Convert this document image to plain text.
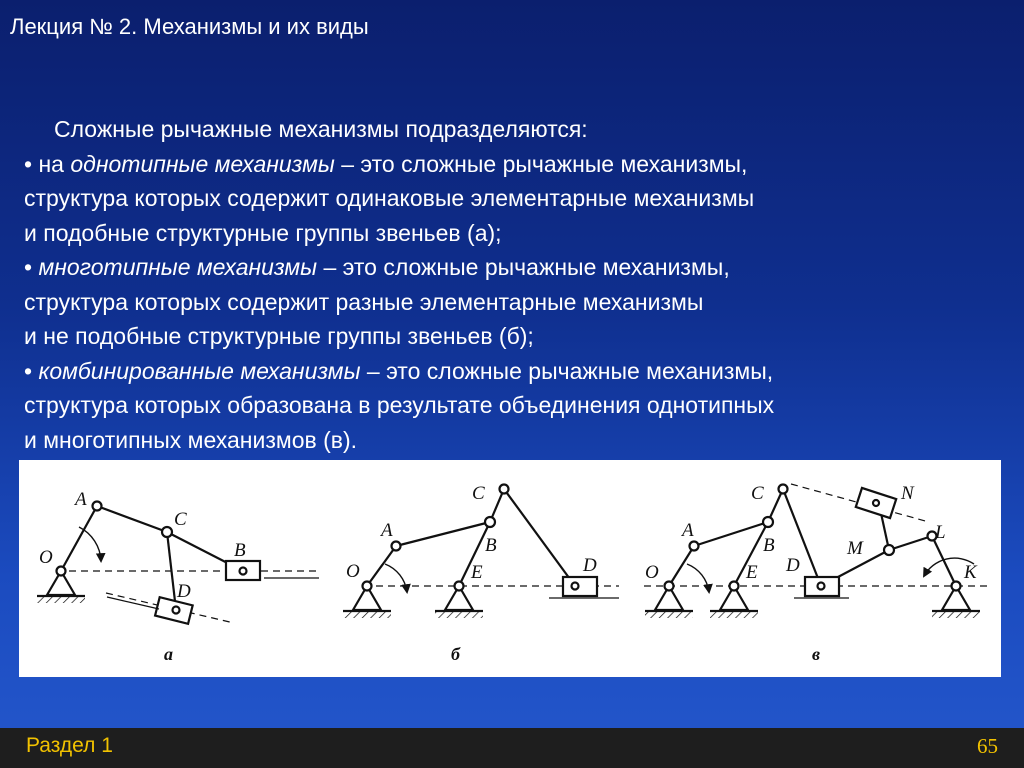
Лекция № 2. Механизмы и их виды

Сложные рычажные механизмы подразделяются:

• на однотипные механизмы – это сложные рычажные механизмы,

структура которых содержит одинаковые элементарные механизмы

и подобные структурные группы звеньев (а);

• многотипные механизмы – это сложные рычажные механизмы,

структура которых содержит разные элементарные механизмы

и не подобные структурные группы звеньев (б);

• комбинированные механизмы – это сложные рычажные механизмы,

структура которых образована в результате объединения однотипных

и многотипных механизмов (в).

A
C
O	B
D
а
C
A
B
O	E	D
б
C	N
A
B
L
M
D
O	E	K
в
Раздел 1	65
